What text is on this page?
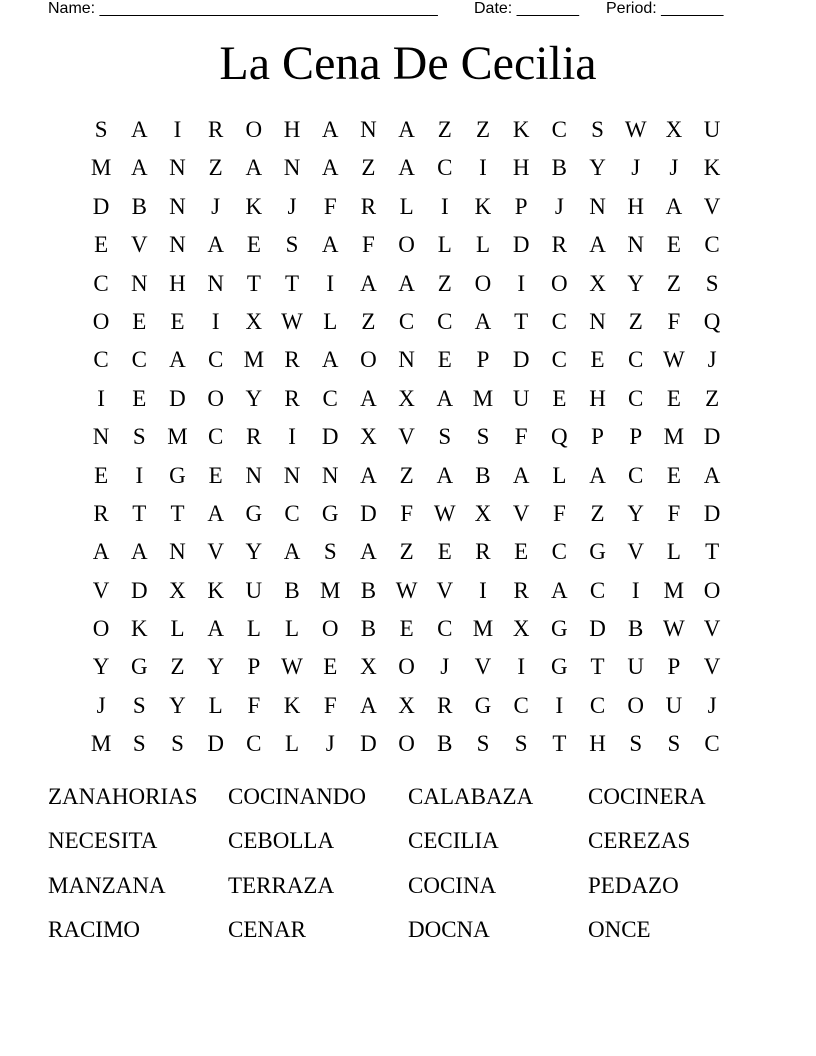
Name: ______________________________________

Date: _______

Period: _______

La Cena De Cecilia
S	A	I	R O H A N A Z	Z K C	S W X U
M A N Z A N A Z A C	I	H B Y	J	J	K
D B N	J	K	J	F	R	L	I	K	P	J	N H A V
E V N A E	S	A	F	O L	L D R A N E	C
C N H N T	T	I	A A Z O	I	O X Y Z	S
O E	E	I	X W L	Z	C C A T	C N Z	F	Q
C C A C M R A O N E	P	D C	E	C W J
I	E D O Y R C A X A M U E H C	E	Z
N	S M C R	I	D X V	S	S	F	Q	P	P M D
E	I	G E N N N A Z A B A L A C	E A
R	T	T A G C G D	F W X V	F	Z Y	F	D
A A N V Y A	S	A Z	E	R	E	C G V L	T
V D X K U B M B W V	I	R A C	I	M O
O K L A L	L O B	E	C M X G D B W V
Y G Z Y	P W E X O	J	V	I	G T U	P	V
J	S	Y L	F	K	F	A X R G C	I	C O U	J
M S	S	D C	L	J	D O B	S	S	T H	S	S	C
ZANAHORIAS	COCINANDO	CALABAZA	COCINERA
NECESITA	CEBOLLA	CECILIA	CEREZAS
MANZANA	TERRAZA	COCINA	PEDAZO
RACIMO	CENAR	DOCNA	ONCE
